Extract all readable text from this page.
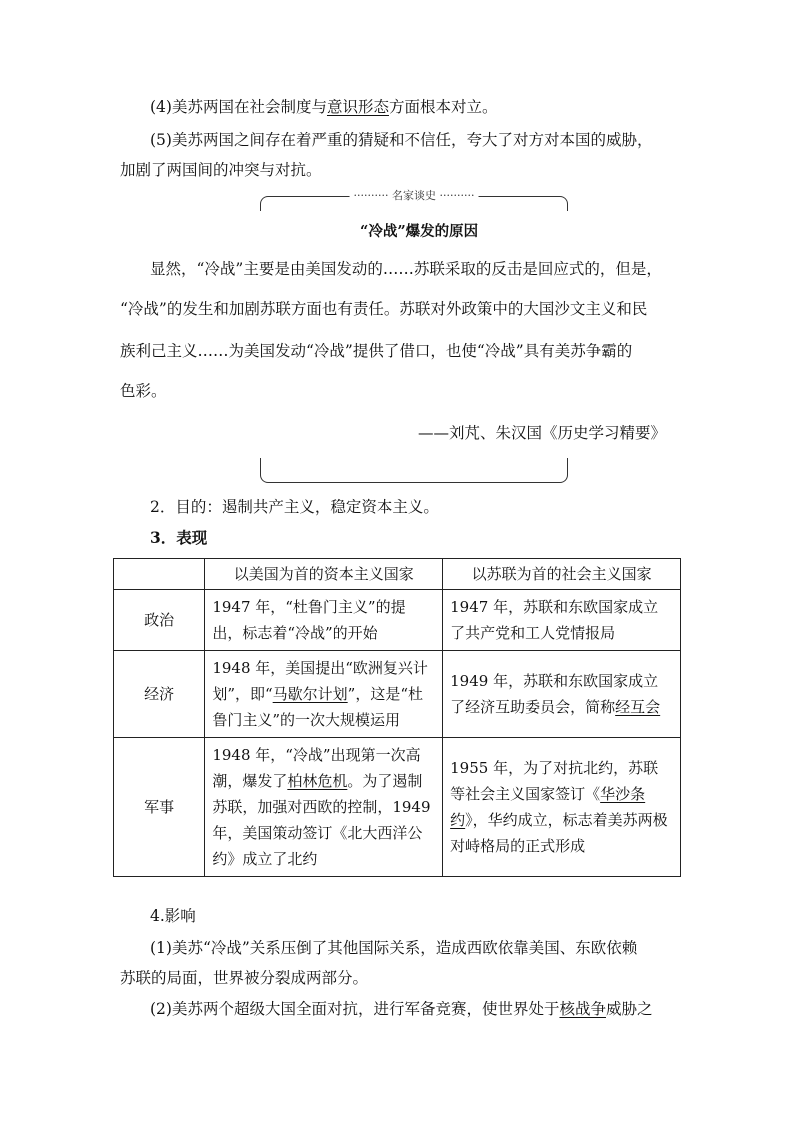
(4)美苏两国在社会制度与意识形态方面根本对立。
(5)美苏两国之间存在着严重的猜疑和不信任，夸大了对方对本国的威胁，
加剧了两国间的冲突与对抗。
·········· 名家谈史 ··········
“冷战”爆发的原因
显然，“冷战”主要是由美国发动的……苏联采取的反击是回应式的，但是，
“冷战”的发生和加剧苏联方面也有责任。苏联对外政策中的大国沙文主义和民
族利己主义……为美国发动“冷战”提供了借口，也使“冷战”具有美苏争霸的
色彩。
——刘芃、朱汉国《历史学习精要》
2．目的：遏制共产主义，稳定资本主义。
3．表现
	以美国为首的资本主义国家	以苏联为首的社会主义国家
政治	1947 年，“杜鲁门主义”的提出，标志着“冷战”的开始	1947 年，苏联和东欧国家成立了共产党和工人党情报局
经济	1948 年，美国提出“欧洲复兴计划”，即“马歇尔计划”，这是“杜鲁门主义”的一次大规模运用	1949 年，苏联和东欧国家成立了经济互助委员会，简称经互会
军事	1948 年，“冷战”出现第一次高潮，爆发了柏林危机。为了遏制苏联，加强对西欧的控制，1949 年，美国策动签订《北大西洋公约》成立了北约	1955 年，为了对抗北约，苏联等社会主义国家签订《华沙条约》，华约成立，标志着美苏两极对峙格局的正式形成
4.影响
(1)美苏“冷战”关系压倒了其他国际关系，造成西欧依靠美国、东欧依赖
苏联的局面，世界被分裂成两部分。
(2)美苏两个超级大国全面对抗，进行军备竞赛，使世界处于核战争威胁之
